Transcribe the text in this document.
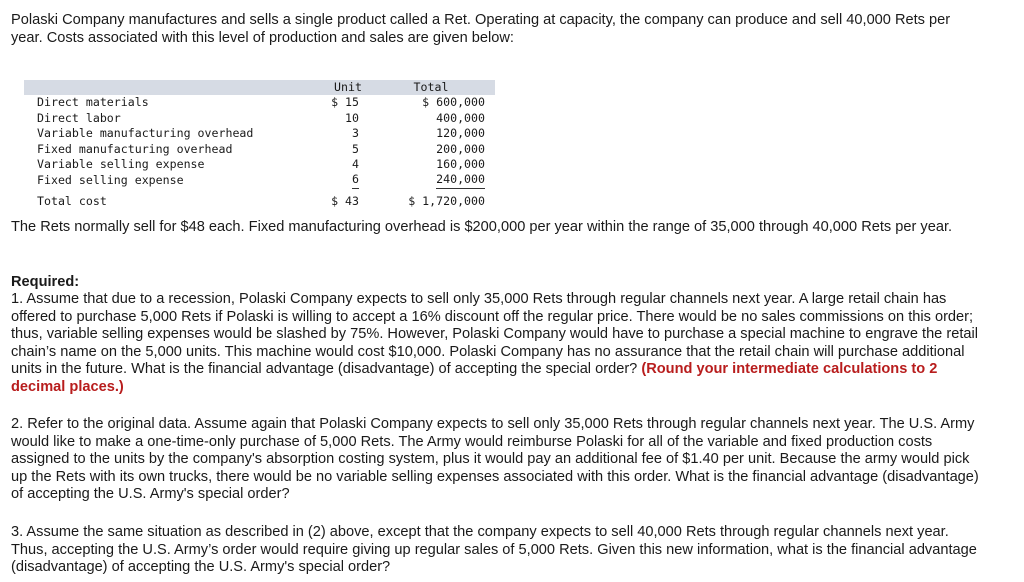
Polaski Company manufactures and sells a single product called a Ret. Operating at capacity, the company can produce and sell 40,000 Rets per year. Costs associated with this level of production and sales are given below:

	Unit	Total
Direct materials	$ 15	$ 600,000
Direct labor	10	400,000
Variable manufacturing overhead	3	120,000
Fixed manufacturing overhead	5	200,000
Variable selling expense	4	160,000
Fixed selling expense	6	240,000

Total cost	$ 43	$ 1,720,000

The Rets normally sell for $48 each. Fixed manufacturing overhead is $200,000 per year within the range of 35,000 through 40,000 Rets per year.

Required:

1. Assume that due to a recession, Polaski Company expects to sell only 35,000 Rets through regular channels next year. A large retail chain has offered to purchase 5,000 Rets if Polaski is willing to accept a 16% discount off the regular price. There would be no sales commissions on this order; thus, variable selling expenses would be slashed by 75%. However, Polaski Company would have to purchase a special machine to engrave the retail chain’s name on the 5,000 units. This machine would cost $10,000. Polaski Company has no assurance that the retail chain will purchase additional units in the future. What is the financial advantage (disadvantage) of accepting the special order? (Round your intermediate calculations to 2 decimal places.)

2. Refer to the original data. Assume again that Polaski Company expects to sell only 35,000 Rets through regular channels next year. The U.S. Army would like to make a one-time-only purchase of 5,000 Rets. The Army would reimburse Polaski for all of the variable and fixed production costs assigned to the units by the company's absorption costing system, plus it would pay an additional fee of $1.40 per unit. Because the army would pick up the Rets with its own trucks, there would be no variable selling expenses associated with this order. What is the financial advantage (disadvantage) of accepting the U.S. Army's special order?

3. Assume the same situation as described in (2) above, except that the company expects to sell 40,000 Rets through regular channels next year. Thus, accepting the U.S. Army’s order would require giving up regular sales of 5,000 Rets. Given this new information, what is the financial advantage (disadvantage) of accepting the U.S. Army's special order?
